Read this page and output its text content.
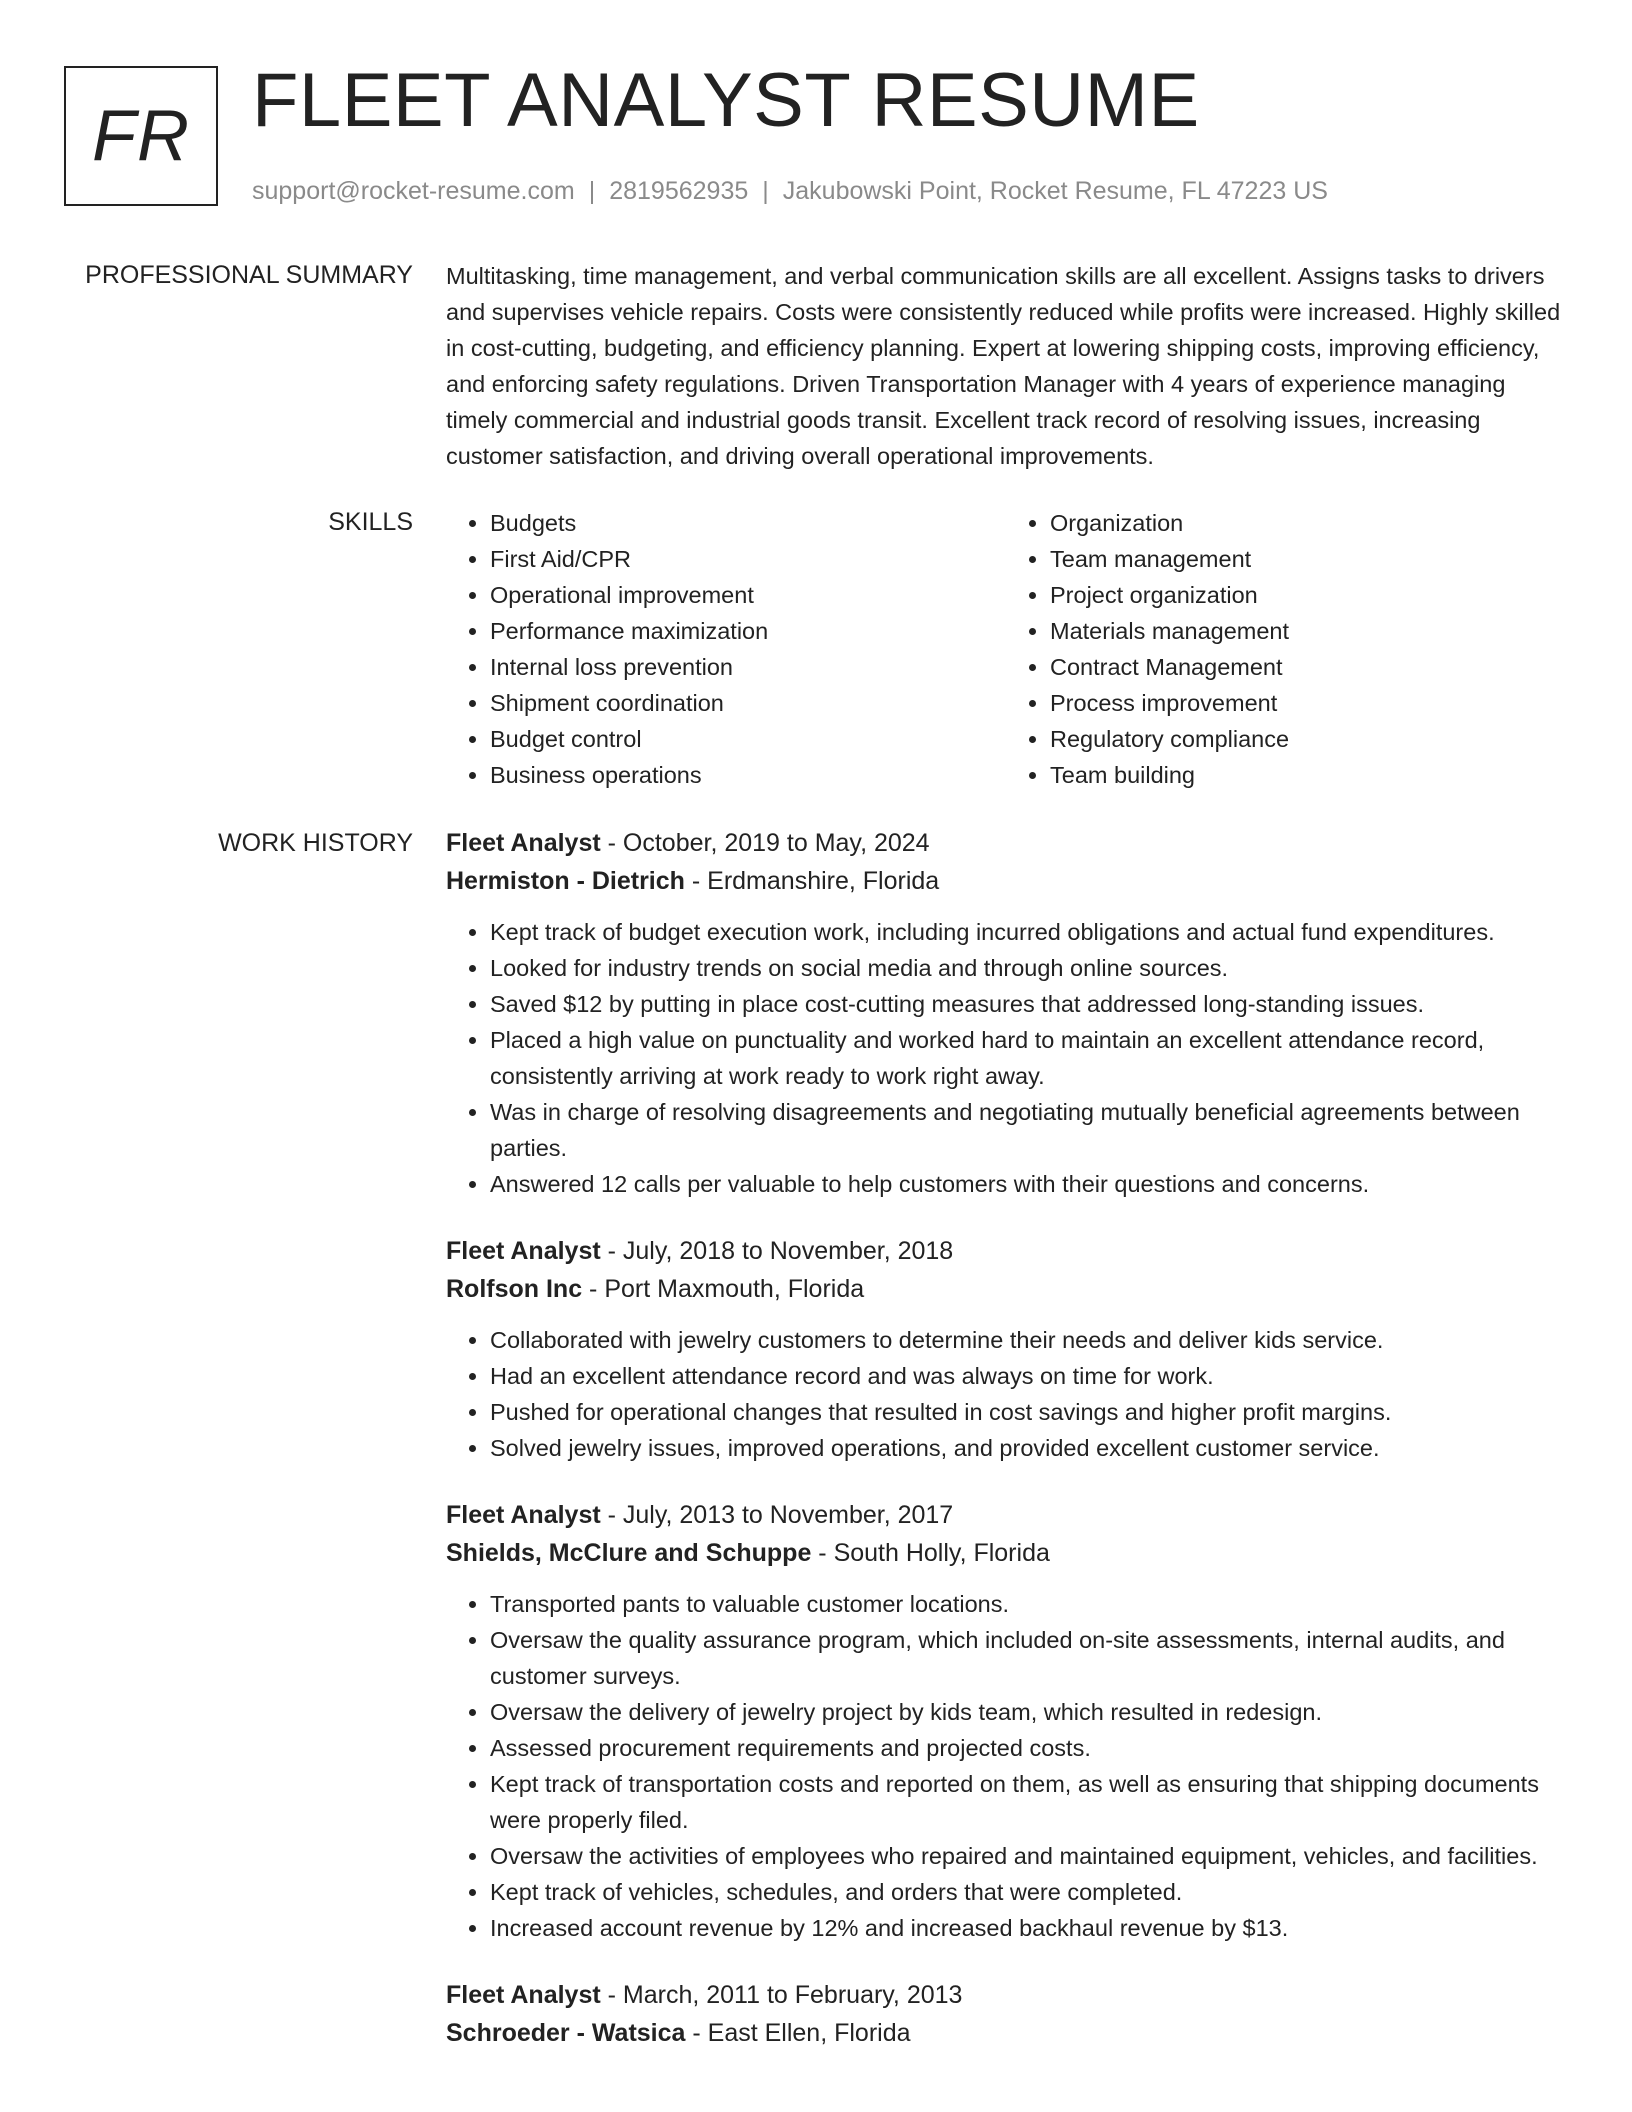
FR FLEET ANALYST RESUME
support@rocket-resume.com | 2819562935 | Jakubowski Point, Rocket Resume, FL 47223 US
PROFESSIONAL SUMMARY Multitasking, time management, and verbal communication skills are all excellent. Assigns tasks to drivers and supervises vehicle repairs. Costs were consistently reduced while profits were increased. Highly skilled in cost-cutting, budgeting, and efficiency planning. Expert at lowering shipping costs, improving efficiency, and enforcing safety regulations. Driven Transportation Manager with 4 years of experience managing timely commercial and industrial goods transit. Excellent track record of resolving issues, increasing customer satisfaction, and driving overall operational improvements.

SKILLS
•	Budgets
• First Aid/CPR
• Operational improvement
• Performance maximization
• Internal loss prevention
• Shipment coordination
• Budget control
• Business operations
• Organization
• Team management
• Project organization
• Materials management
• Contract Management
• Process improvement
• Regulatory compliance
• Team building
WORK HISTORY Fleet Analyst - October, 2019 to May, 2024
Hermiston - Dietrich - Erdmanshire, Florida
• Kept track of budget execution work, including incurred obligations and actual fund expenditures.
• Looked for industry trends on social media and through online sources.
• Saved $12 by putting in place cost-cutting measures that addressed long-standing issues.
• Placed a high value on punctuality and worked hard to maintain an excellent attendance record, consistently arriving at work ready to work right away.
• Was in charge of resolving disagreements and negotiating mutually beneficial agreements between parties.
• Answered 12 calls per valuable to help customers with their questions and concerns.
Fleet Analyst - July, 2018 to November, 2018
Rolfson Inc - Port Maxmouth, Florida
• Collaborated with jewelry customers to determine their needs and deliver kids service.
• Had an excellent attendance record and was always on time for work.
• Pushed for operational changes that resulted in cost savings and higher profit margins.
• Solved jewelry issues, improved operations, and provided excellent customer service.
Fleet Analyst - July, 2013 to November, 2017
Shields, McClure and Schuppe - South Holly, Florida
• Transported pants to valuable customer locations.
• Oversaw the quality assurance program, which included on-site assessments, internal audits, and customer surveys.
• Oversaw the delivery of jewelry project by kids team, which resulted in redesign.
• Assessed procurement requirements and projected costs.
• Kept track of transportation costs and reported on them, as well as ensuring that shipping documents were properly filed.
• Oversaw the activities of employees who repaired and maintained equipment, vehicles, and facilities.
• Kept track of vehicles, schedules, and orders that were completed.
• Increased account revenue by 12% and increased backhaul revenue by $13.
Fleet Analyst - March, 2011 to February, 2013
Schroeder - Watsica - East Ellen, Florida
